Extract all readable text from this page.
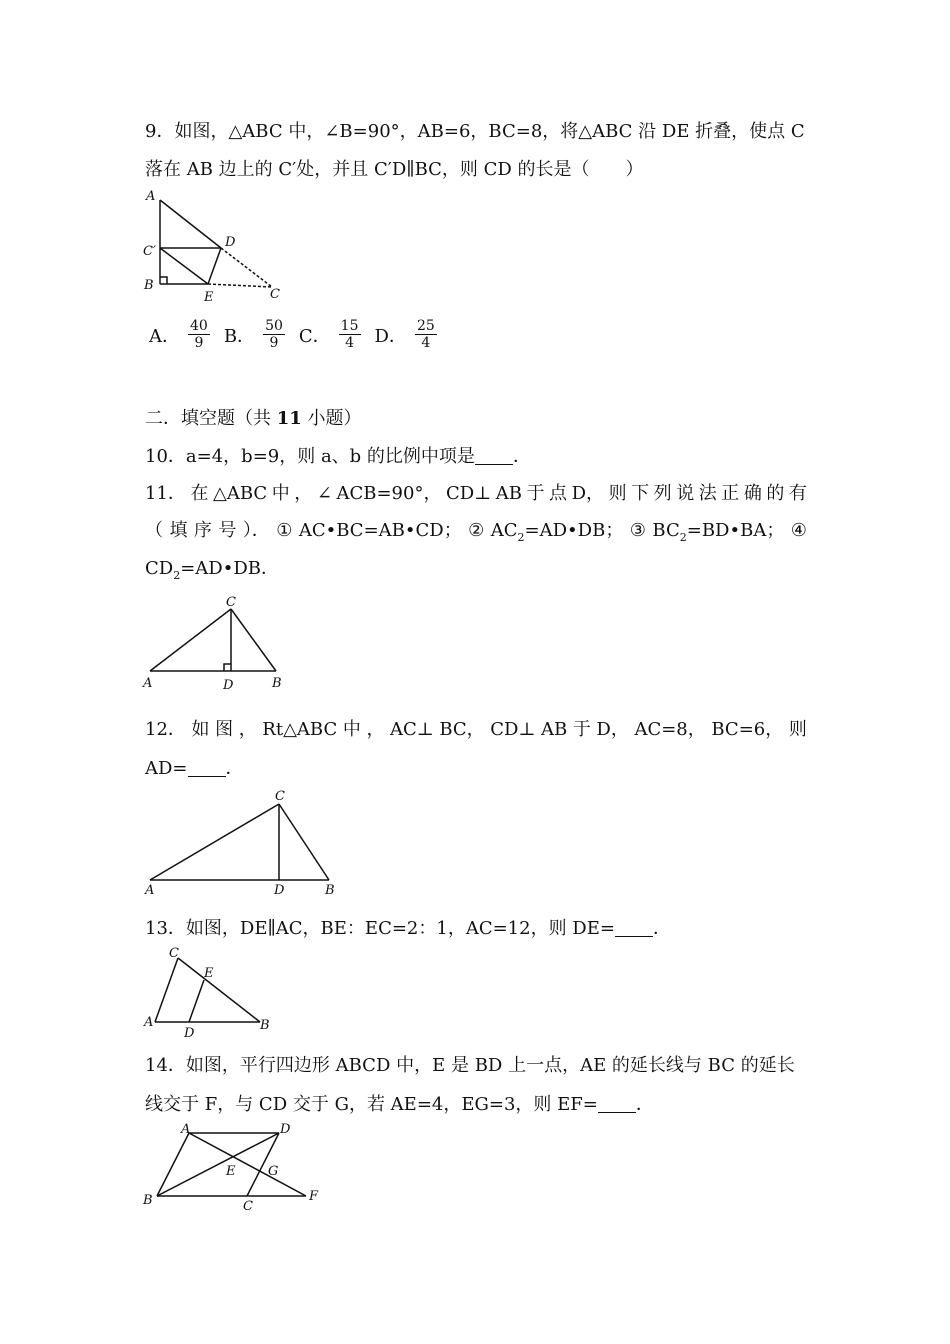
9．如图，△ABC 中，∠B=90°，AB=6，BC=8，将△ABC 沿 DE 折叠，使点 C
落在 AB 边上的 C′处，并且 C′D∥BC，则 CD 的长是（　　）
A
C′
B
E
D
C
A． $\frac{40}{9}$ B． $\frac{50}{9}$ C． $\frac{15}{4}$ D． $\frac{25}{4}$
二．填空题（共 11 小题）
10．a=4，b=9，则 a、b 的比例中项是 ．
11． 在 △ABC 中 ， ∠ ACB=90°， CD⊥ AB 于 点 D， 则 下 列 说 法 正 确 的 有
（ 填 序 号 ）． ① AC•BC=AB•CD； ② $AC_2=AD•DB$； ③ $BC_2=BD•BA$； ④
$CD_2=AD•DB$．
C
A	D	B
12． 如 图 ， Rt△ABC 中 ， AC⊥ BC， CD⊥ AB 于 D， AC=8， BC=6， 则
AD= ．
C
A	D	B
13．如图，DE∥AC，BE：EC=2：1，AC=12，则 DE= ．
C
E
A
D
B
14．如图，平行四边形 ABCD 中，E 是 BD 上一点，AE 的延长线与 BC 的延长
线交于 F，与 CD 交于 G，若 AE=4，EG=3，则 EF= ．
A	D
E	G
B	C
F
